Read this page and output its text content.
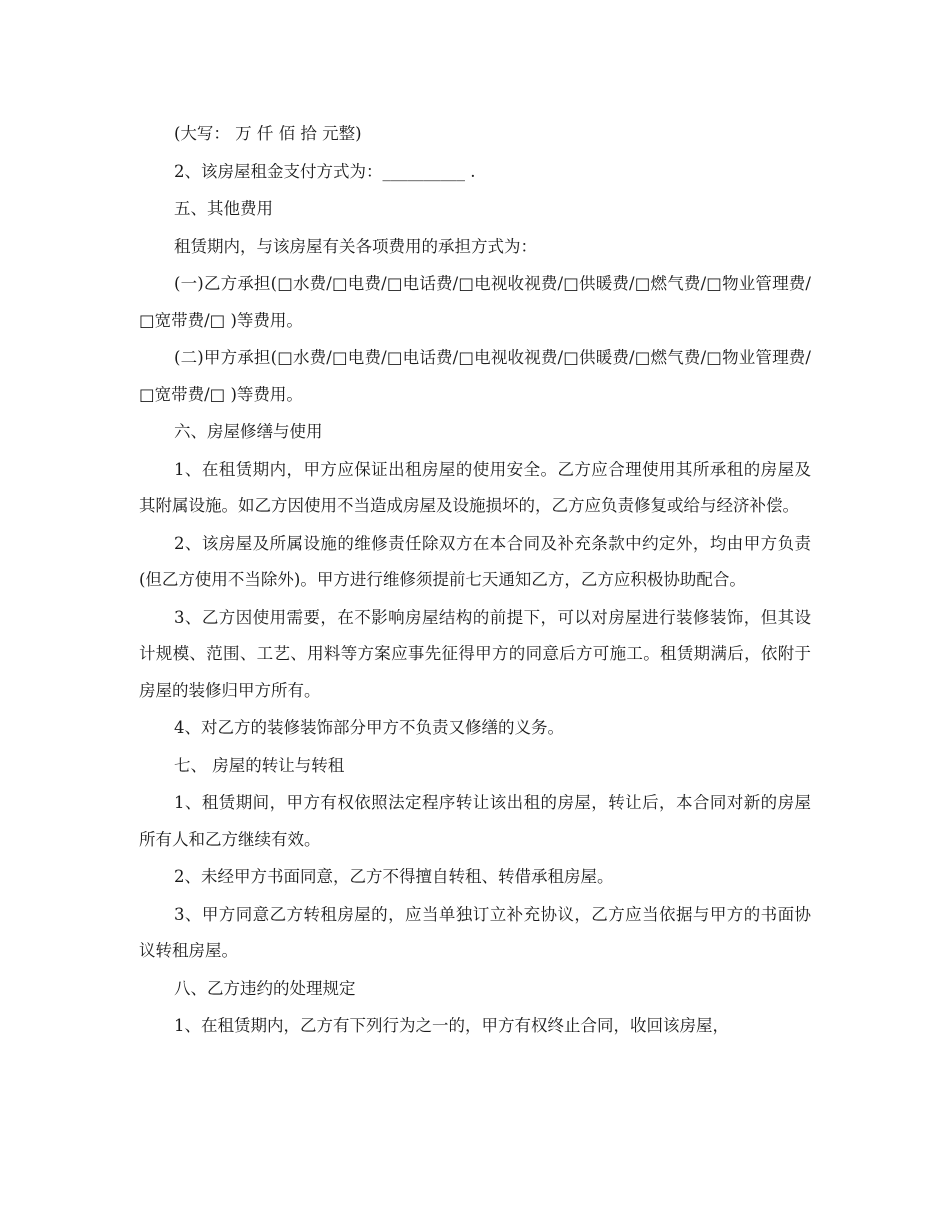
(大写： 万 仟 佰 拾 元整)

2、该房屋租金支付方式为：__________ .

五、其他费用

租赁期内，与该房屋有关各项费用的承担方式为：

(一)乙方承担(□水费/□电费/□电话费/□电视收视费/□供暖费/□燃气费/□物业管理费/□宽带费/□ )等费用。

(二)甲方承担(□水费/□电费/□电话费/□电视收视费/□供暖费/□燃气费/□物业管理费/□宽带费/□ )等费用。

六、房屋修缮与使用

1、在租赁期内，甲方应保证出租房屋的使用安全。乙方应合理使用其所承租的房屋及其附属设施。如乙方因使用不当造成房屋及设施损坏的，乙方应负责修复或给与经济补偿。

2、该房屋及所属设施的维修责任除双方在本合同及补充条款中约定外，均由甲方负责(但乙方使用不当除外)。甲方进行维修须提前七天通知乙方，乙方应积极协助配合。

3、乙方因使用需要，在不影响房屋结构的前提下，可以对房屋进行装修装饰，但其设计规模、范围、工艺、用料等方案应事先征得甲方的同意后方可施工。租赁期满后，依附于房屋的装修归甲方所有。

4、对乙方的装修装饰部分甲方不负责又修缮的义务。

七、 房屋的转让与转租

1、租赁期间，甲方有权依照法定程序转让该出租的房屋，转让后，本合同对新的房屋所有人和乙方继续有效。

2、未经甲方书面同意，乙方不得擅自转租、转借承租房屋。

3、甲方同意乙方转租房屋的，应当单独订立补充协议，乙方应当依据与甲方的书面协议转租房屋。

八、乙方违约的处理规定

1、在租赁期内，乙方有下列行为之一的，甲方有权终止合同，收回该房屋，
